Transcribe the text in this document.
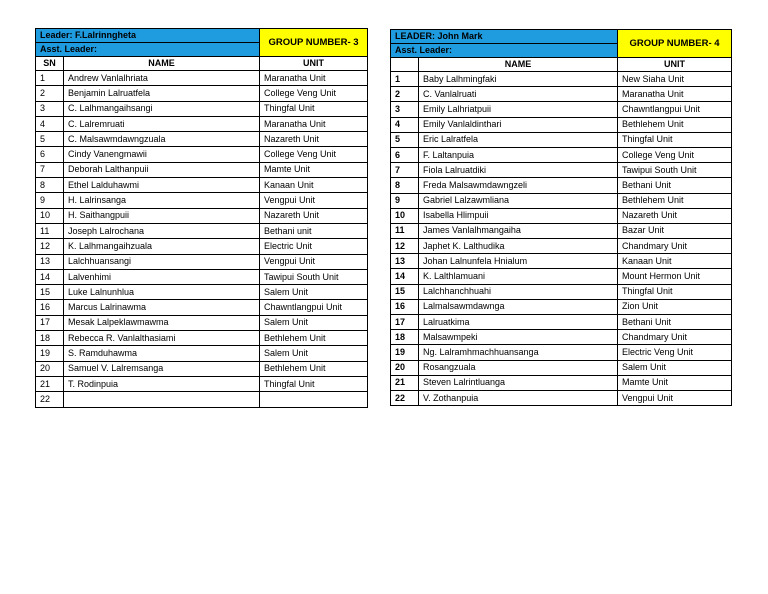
Leader: F.Lalrinngheta		GROUP NUMBER- 3
Asst. Leader:		
SN	NAME	UNIT
1	Andrew Vanlalhriata	Maranatha Unit
2	Benjamin Lalruatfela	College Veng Unit
3	C. Lalhmangaihsangi	Thingfal Unit
4	C. Lalremruati	Maranatha Unit
5	C. Malsawmdawngzuala	Nazareth Unit
6	Cindy Vanengmawii	College Veng Unit
7	Deborah Lalthanpuii	Mamte Unit
8	Ethel Lalduhawmi	Kanaan Unit
9	H. Lalrinsanga	Vengpui Unit
10	H. Saithangpuii	Nazareth Unit
11	Joseph Lalrochana	Bethani unit
12	K. Lalhmangaihzuala	Electric Unit
13	Lalchhuansangi	Vengpui Unit
14	Lalvenhimi	Tawipui South Unit
15	Luke Lalnunhlua	Salem Unit
16	Marcus Lalrinawma	Chawntlangpui Unit
17	Mesak Lalpeklawmawma	Salem Unit
18	Rebecca R. Vanlalthasiami	Bethlehem Unit
19	S. Ramduhawma	Salem Unit
20	Samuel V. Lalremsanga	Bethlehem Unit
21	T. Rodinpuia	Thingfal Unit
22		
LEADER: John Mark		GROUP NUMBER- 4
Asst. Leader:		
	NAME	UNIT
1	Baby Lalhmingfaki	New Siaha Unit
2	C. Vanlalruati	Maranatha Unit
3	Emily Lalhriatpuii	Chawntlangpui Unit
4	Emily Vanlaldinthari	Bethlehem Unit
5	Eric Lalratfela	Thingfal Unit
6	F. Laltanpuia	College Veng Unit
7	Fiola Lalruatdiki	Tawipui South Unit
8	Freda Malsawmdawngzeli	Bethani Unit
9	Gabriel Lalzawmliana	Bethlehem Unit
10	Isabella Hlimpuii	Nazareth Unit
11	James Vanlalhmangaiha	Bazar Unit
12	Japhet K. Lalthudika	Chandmary Unit
13	Johan Lalnunfela Hnialum	Kanaan Unit
14	K. Lalthlamuani	Mount Hermon Unit
15	Lalchhanchhuahi	Thingfal Unit
16	Lalmalsawmdawnga	Zion Unit
17	Lalruatkima	Bethani Unit
18	Malsawmpeki	Chandmary Unit
19	Ng. Lalramhmachhuansanga	Electric Veng Unit
20	Rosangzuala	Salem Unit
21	Steven Lalrintluanga	Mamte Unit
22	V. Zothanpuia	Vengpui Unit
